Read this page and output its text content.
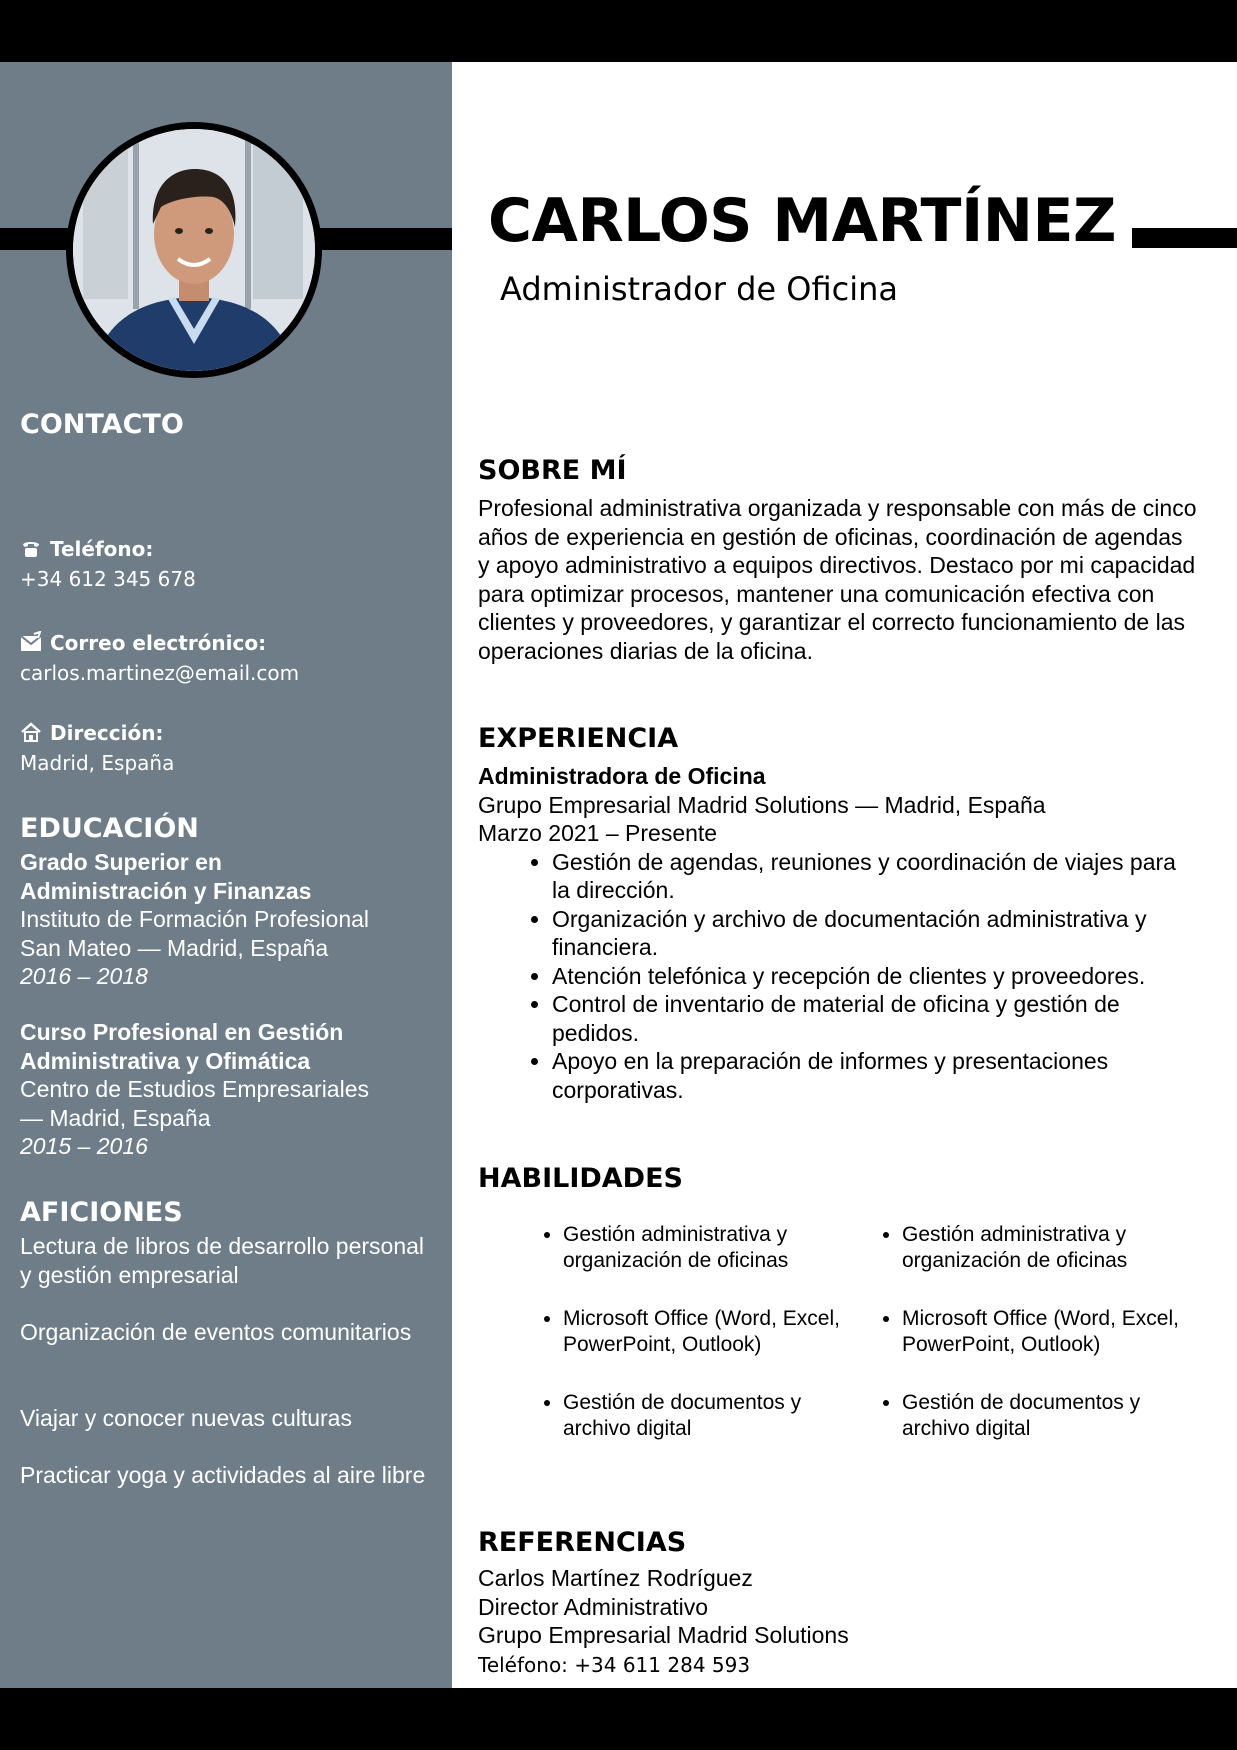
CONTACTO
Teléfono:
+34 612 345 678
Correo electrónico:
carlos.martinez@email.com
Dirección:
Madrid, España
EDUCACIÓN
Grado Superior en
Administración y Finanzas
Instituto de Formación Profesional
San Mateo — Madrid, España
2016 – 2018
Curso Profesional en Gestión
Administrativa y Ofimática
Centro de Estudios Empresariales
— Madrid, España
2015 – 2016
AFICIONES

Lectura de libros de desarrollo personal y gestión empresarial

Organización de eventos comunitarios

Viajar y conocer nuevas culturas

Practicar yoga y actividades al aire libre

CARLOS MARTÍNEZ
Administrador de Oficina
SOBRE MÍ

Profesional administrativa organizada y responsable con más de cinco años de experiencia en gestión de oficinas, coordinación de agendas y apoyo administrativo a equipos directivos. Destaco por mi capacidad para optimizar procesos, mantener una comunicación efectiva con clientes y proveedores, y garantizar el correcto funcionamiento de las operaciones diarias de la oficina.

EXPERIENCIA
Administradora de Oficina
Grupo Empresarial Madrid Solutions — Madrid, España
Marzo 2021 – Presente
• Gestión de agendas, reuniones y coordinación de viajes para la dirección.
• Organización y archivo de documentación administrativa y financiera.
• Atención telefónica y recepción de clientes y proveedores.
• Control de inventario de material de oficina y gestión de pedidos.
• Apoyo en la preparación de informes y presentaciones corporativas.
HABILIDADES
• Gestión administrativa y organización de oficinas
• Microsoft Office (Word, Excel, PowerPoint, Outlook)
• Gestión de documentos y archivo digital
• Gestión administrativa y organización de oficinas
• Microsoft Office (Word, Excel, PowerPoint, Outlook)
• Gestión de documentos y archivo digital
REFERENCIAS
Carlos Martínez Rodríguez
Director Administrativo
Grupo Empresarial Madrid Solutions
Teléfono: +34 611 284 593
